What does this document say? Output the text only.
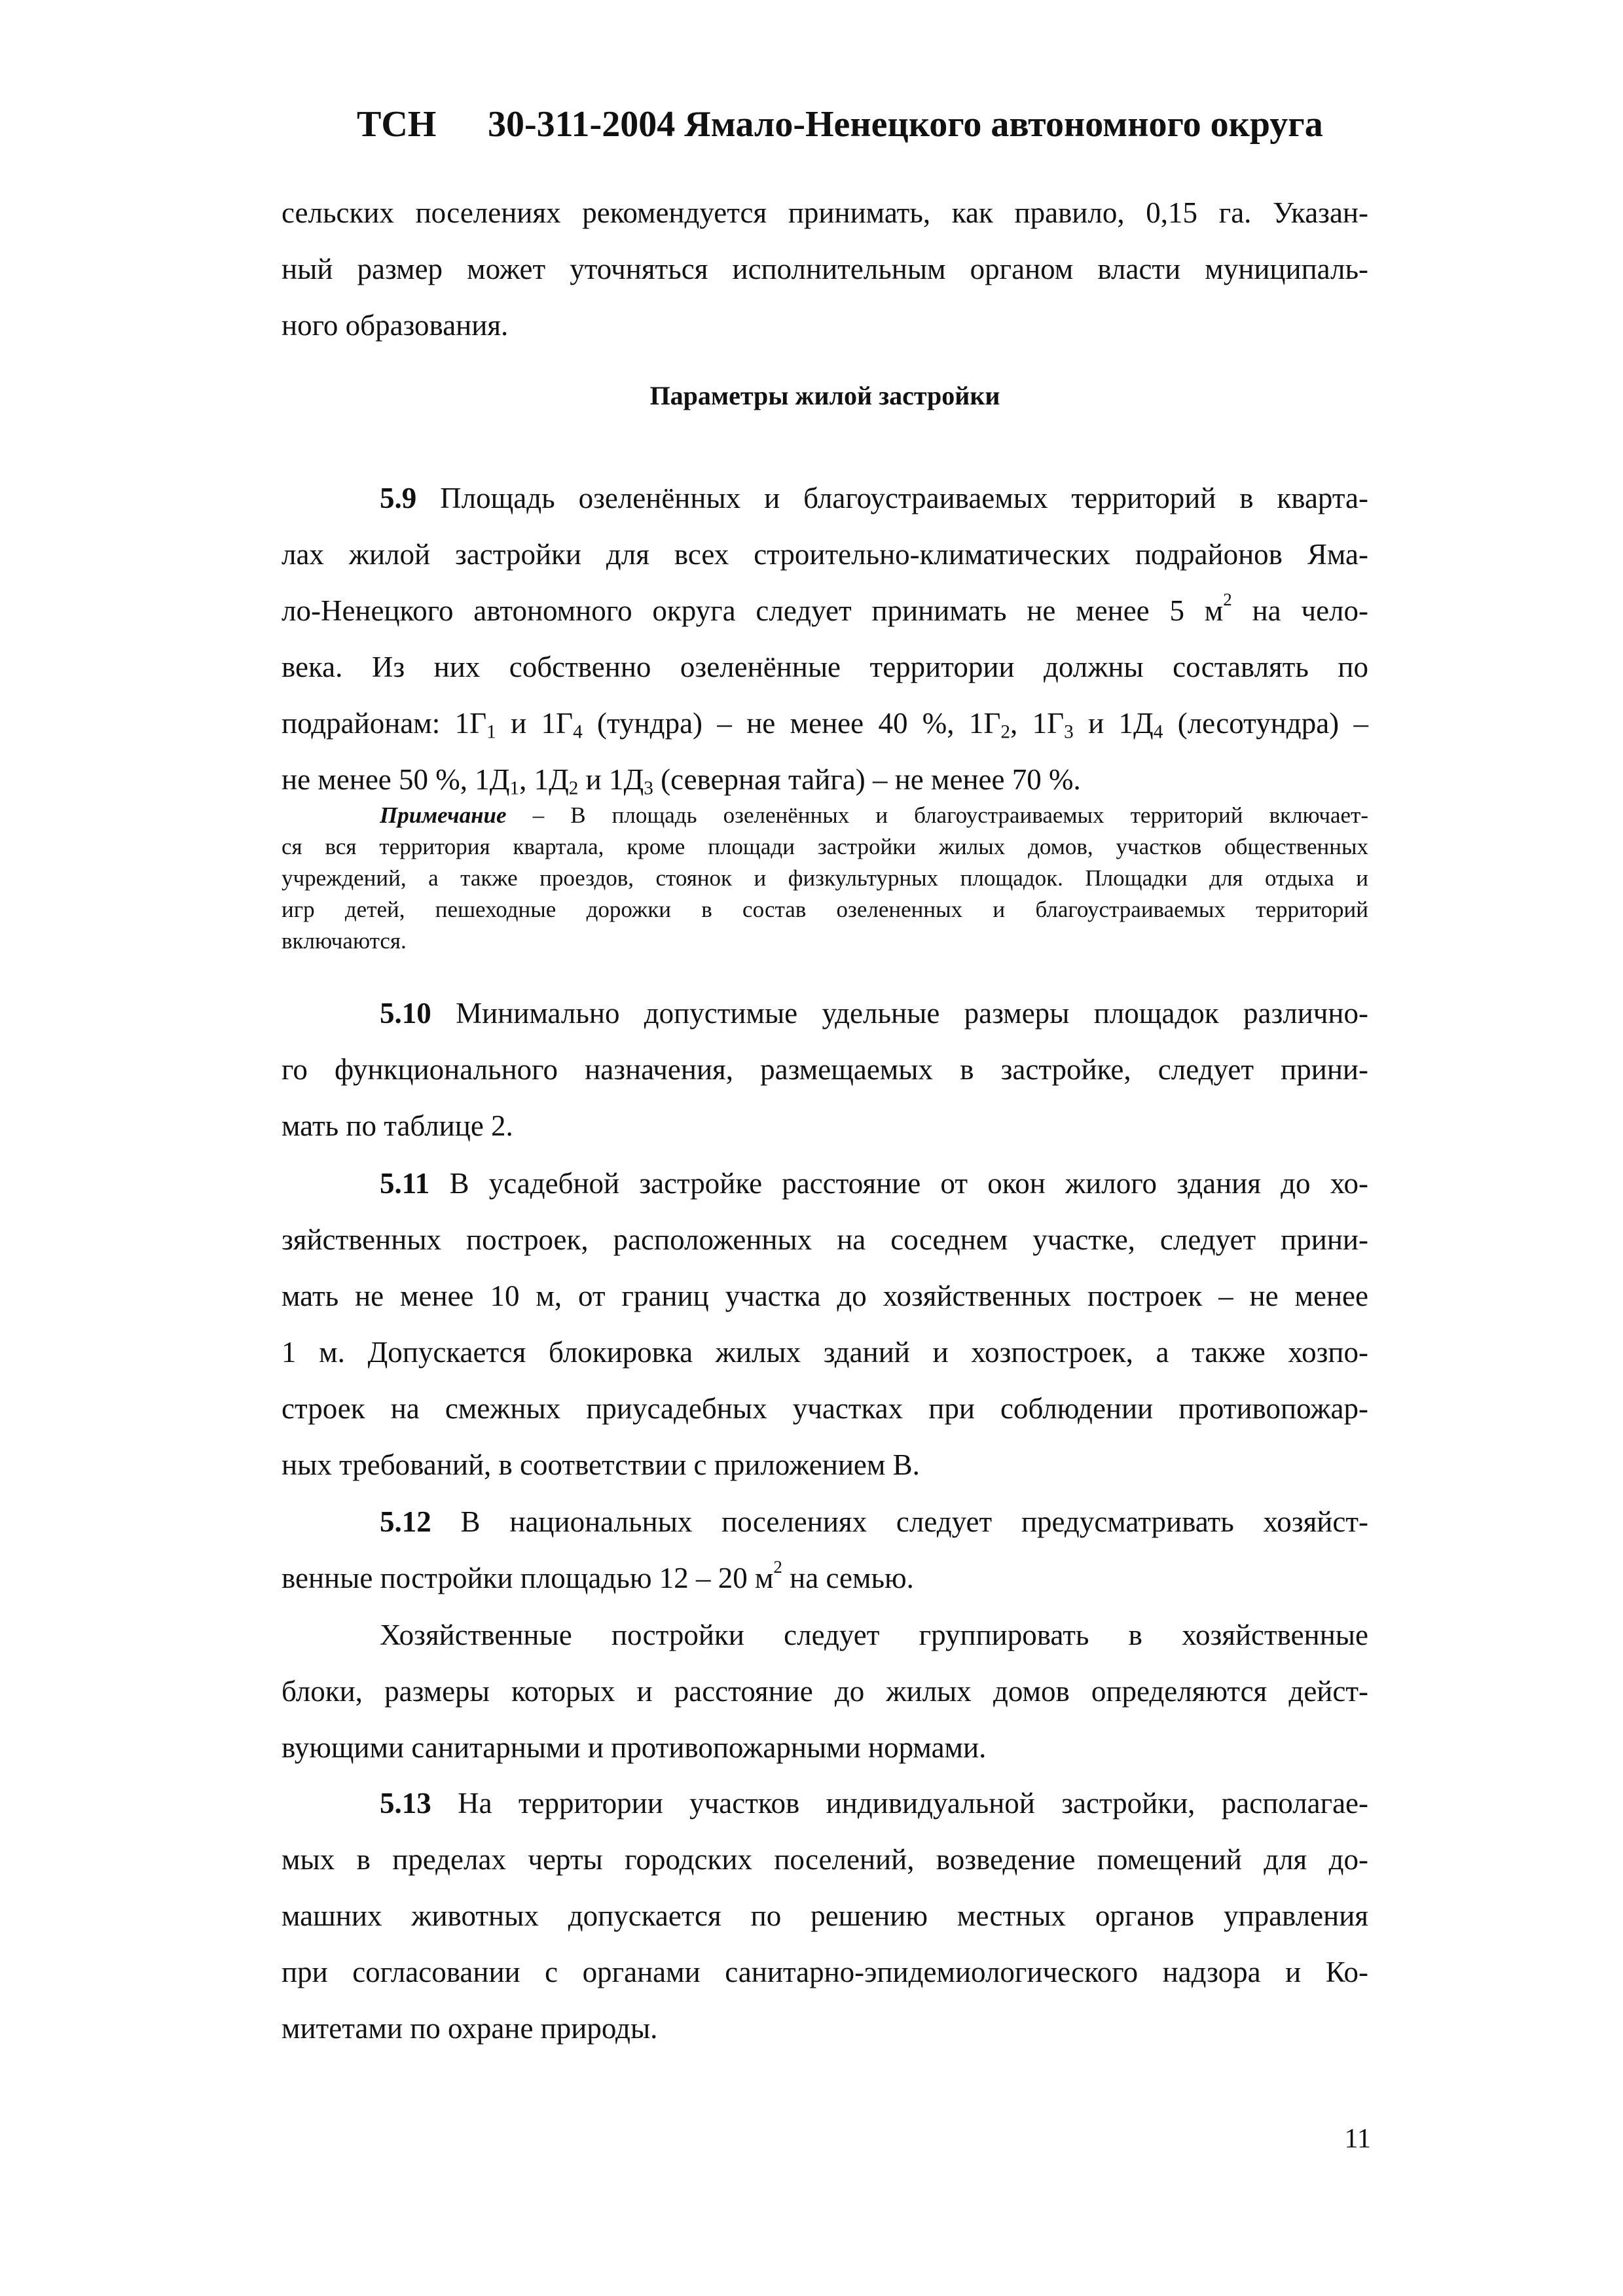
ТСН 30-311-2004 Ямало-Ненецкого автономного округа
сельских поселениях рекомендуется принимать, как правило, 0,15 га. Указан-
ный размер может уточняться исполнительным органом власти муниципаль-
ного образования.
Параметры жилой застройки
5.9 Площадь озеленённых и благоустраиваемых территорий в кварта-
лах жилой застройки для всех строительно-климатических подрайонов Яма-
ло-Ненецкого автономного округа следует принимать не менее 5 $м^2$ на чело-
века. Из них собственно озеленённые территории должны составлять по
подрайонам: $1Г_1$ и $1Г_4$ (тундра) – не менее 40 %, $1Г_2$, $1Г_3$ и $1Д_4$ (лесотундра) –
не менее 50 %, $1Д_1$, $1Д_2$ и $1Д_3$ (северная тайга) – не менее 70 %.
Примечание – В площадь озеленённых и благоустраиваемых территорий включает-
ся вся территория квартала, кроме площади застройки жилых домов, участков общественных
учреждений, а также проездов, стоянок и физкультурных площадок. Площадки для отдыха и
игр детей, пешеходные дорожки в состав озелененных и благоустраиваемых территорий
включаются.
5.10 Минимально допустимые удельные размеры площадок различно-
го функционального назначения, размещаемых в застройке, следует прини-
мать по таблице 2.
5.11 В усадебной застройке расстояние от окон жилого здания до хо-
зяйственных построек, расположенных на соседнем участке, следует прини-
мать не менее 10 м, от границ участка до хозяйственных построек – не менее
1 м. Допускается блокировка жилых зданий и хозпостроек, а также хозпо-
строек на смежных приусадебных участках при соблюдении противопожар-
ных требований, в соответствии с приложением В.
5.12 В национальных поселениях следует предусматривать хозяйст-
венные постройки площадью 12 – 20 $м^2$ на семью.
Хозяйственные постройки следует группировать в хозяйственные
блоки, размеры которых и расстояние до жилых домов определяются дейст-
вующими санитарными и противопожарными нормами.
5.13 На территории участков индивидуальной застройки, располагае-
мых в пределах черты городских поселений, возведение помещений для до-
машних животных допускается по решению местных органов управления
при согласовании с органами санитарно-эпидемиологического надзора и Ко-
митетами по охране природы.
11
